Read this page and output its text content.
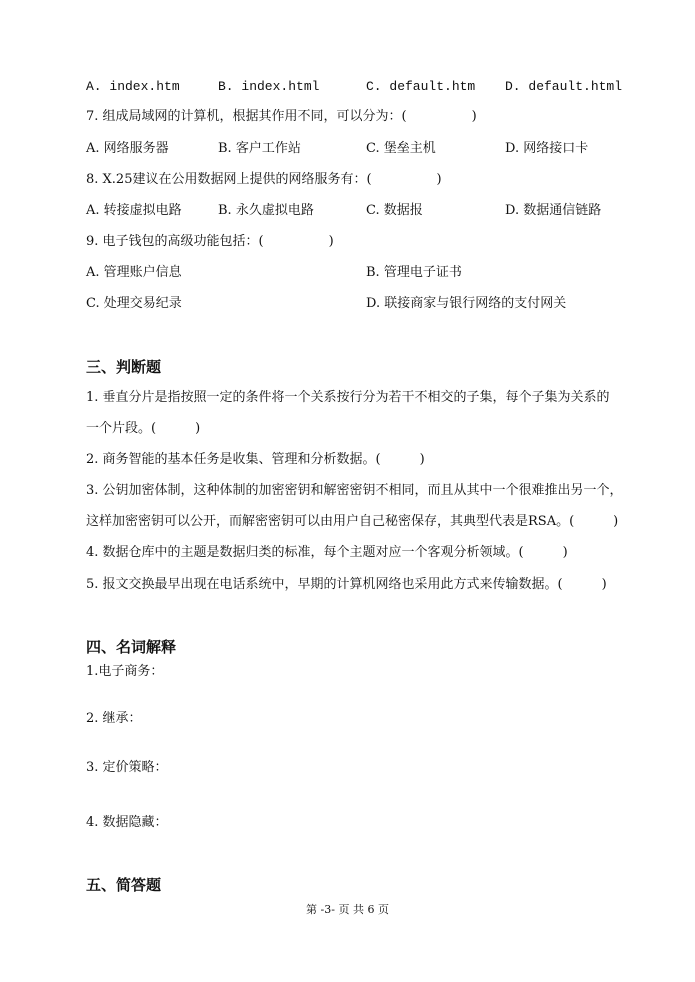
A. index.htm	B. index.html	C. default.htm D. default.html
7. 组成局域网的计算机，根据其作用不同，可以分为：(　　　　　)
A. 网络服务器	B. 客户工作站	C. 堡垒主机	D. 网络接口卡
8. X.25建议在公用数据网上提供的网络服务有：(　　　　　)
A. 转接虚拟电路	B. 永久虚拟电路	C. 数据报	D. 数据通信链路
9. 电子钱包的高级功能包括：(　　　　　)
A. 管理账户信息	B. 管理电子证书
C. 处理交易纪录	D. 联接商家与银行网络的支付网关
三、判断题
1. 垂直分片是指按照一定的条件将一个关系按行分为若干不相交的子集，每个子集为关系的
一个片段。(　　　)
2. 商务智能的基本任务是收集、管理和分析数据。(　　　)
3. 公钥加密体制，这种体制的加密密钥和解密密钥不相同，而且从其中一个很难推出另一个，
这样加密密钥可以公开，而解密密钥可以由用户自己秘密保存，其典型代表是RSA。(　　　)
4. 数据仓库中的主题是数据归类的标准，每个主题对应一个客观分析领域。(　　　)
5. 报文交换最早出现在电话系统中，早期的计算机网络也采用此方式来传输数据。(　　　)
四、名词解释
1.电子商务：
2. 继承：
3. 定价策略：
4. 数据隐藏：
五、简答题
第 -3- 页 共 6 页
